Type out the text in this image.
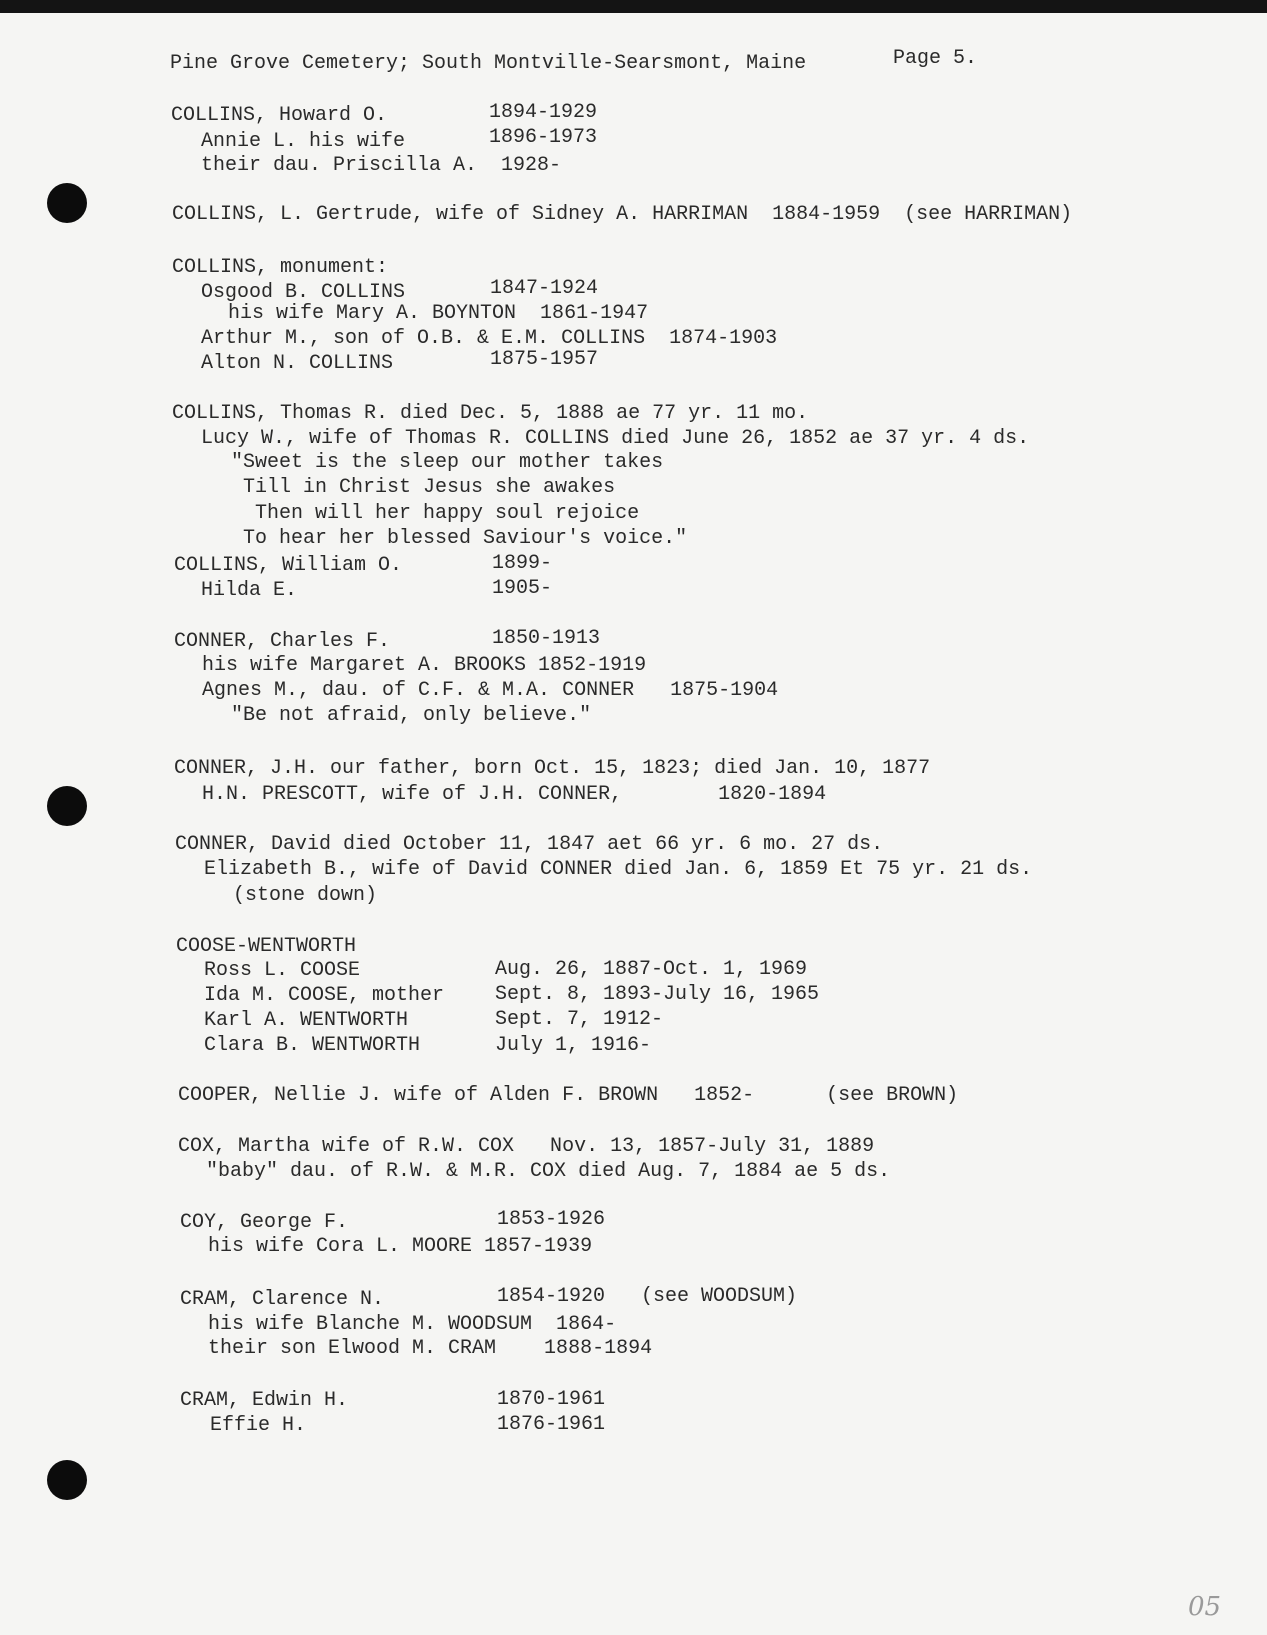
Pine Grove Cemetery; South Montville-Searsmont, Maine	Page 5.
COLLINS, Howard O.	1894-1929
Annie L. his wife	1896-1973
their dau. Priscilla A.  1928-
COLLINS, L. Gertrude, wife of Sidney A. HARRIMAN  1884-1959  (see HARRIMAN)
COLLINS, monument:
Osgood B. COLLINS	1847-1924
his wife Mary A. BOYNTON  1861-1947
Arthur M., son of O.B. & E.M. COLLINS  1874-1903
Alton N. COLLINS	1875-1957
COLLINS, Thomas R. died Dec. 5, 1888 ae 77 yr. 11 mo.
Lucy W., wife of Thomas R. COLLINS died June 26, 1852 ae 37 yr. 4 ds.
"Sweet is the sleep our mother takes
Till in Christ Jesus she awakes
Then will her happy soul rejoice
To hear her blessed Saviour's voice."
COLLINS, William O.	1899-
Hilda E.	1905-
CONNER, Charles F.	1850-1913
his wife Margaret A. BROOKS 1852-1919
Agnes M., dau. of C.F. & M.A. CONNER   1875-1904
"Be not afraid, only believe."
CONNER, J.H. our father, born Oct. 15, 1823; died Jan. 10, 1877
H.N. PRESCOTT, wife of J.H. CONNER,        1820-1894
CONNER, David died October 11, 1847 aet 66 yr. 6 mo. 27 ds.
Elizabeth B., wife of David CONNER died Jan. 6, 1859 Et 75 yr. 21 ds.
(stone down)
COOSE-WENTWORTH
Ross L. COOSE	Aug. 26, 1887-Oct. 1, 1969
Ida M. COOSE, mother	Sept. 8, 1893-July 16, 1965
Karl A. WENTWORTH	Sept. 7, 1912-
Clara B. WENTWORTH	July 1, 1916-
COOPER, Nellie J. wife of Alden F. BROWN   1852-      (see BROWN)
COX, Martha wife of R.W. COX   Nov. 13, 1857-July 31, 1889
"baby" dau. of R.W. & M.R. COX died Aug. 7, 1884 ae 5 ds.
COY, George F.	1853-1926
his wife Cora L. MOORE 1857-1939
CRAM, Clarence N.	1854-1920   (see WOODSUM)
his wife Blanche M. WOODSUM  1864-
their son Elwood M. CRAM    1888-1894
CRAM, Edwin H.	1870-1961
Effie H.	1876-1961
05
